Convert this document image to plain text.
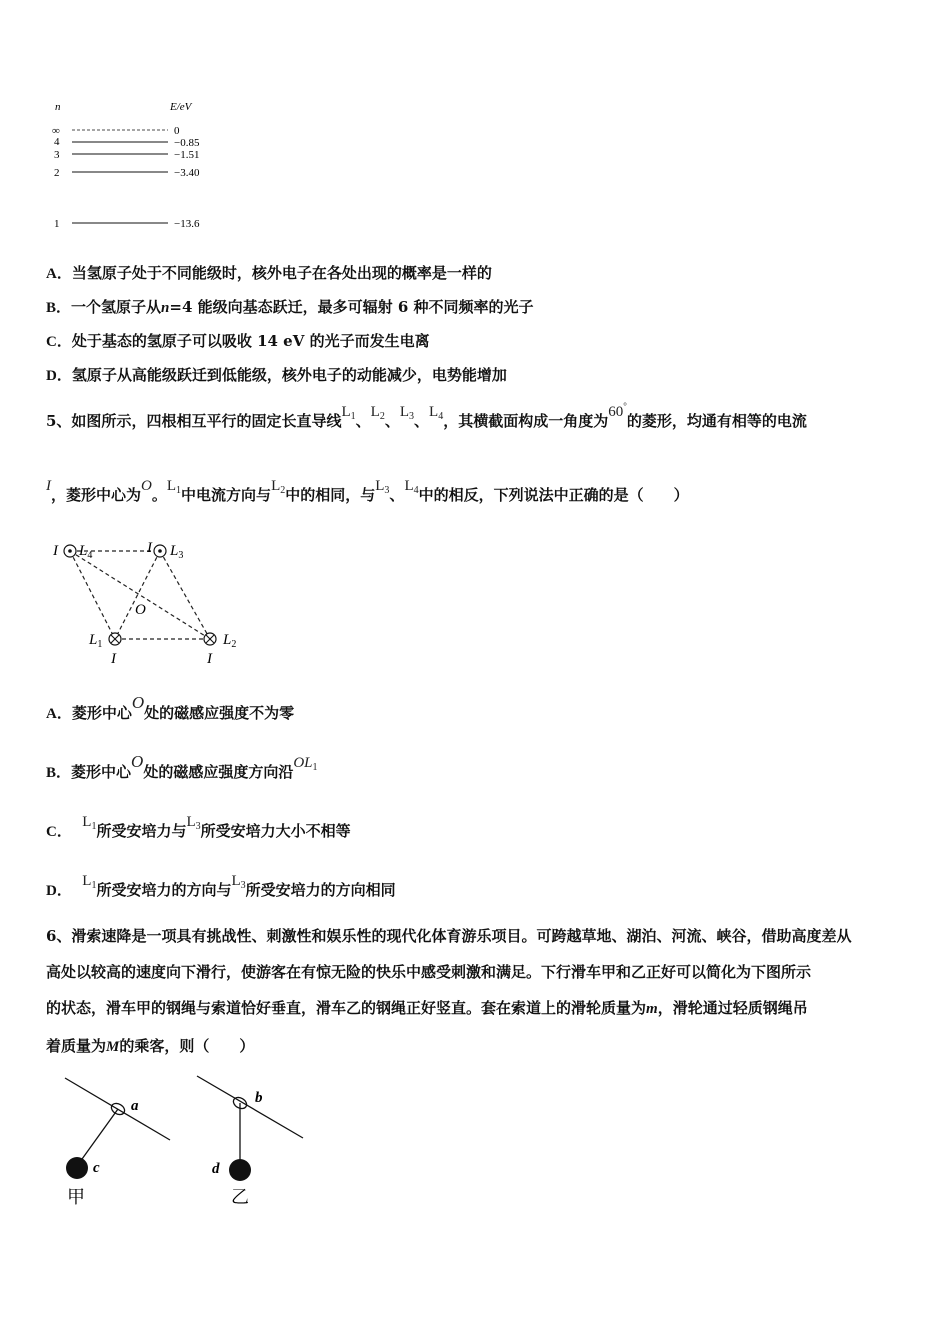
n	E/eV
∞	0
4	−0.85
3	−1.51
2	−3.40
1	−13.6
A．当氢原子处于不同能级时，核外电子在各处出现的概率是一样的
B．一个氢原子从n=4 能级向基态跃迁，最多可辐射 6 种不同频率的光子
C．处于基态的氢原子可以吸收 14 eV 的光子而发生电离
D．氢原子从高能级跃迁到低能级，核外电子的动能减少，电势能增加
5、如图所示，四根相互平行的固定长直导线$L_1$、$L_2$、$L_3$、$L_4$，其横截面构成一角度为60°的菱形，均通有相等的电流
I，菱形中心为O。$L_1$中电流方向与$L_2$中的相同，与$L_3$、$L_4$中的相反，下列说法中正确的是（　　）
I $L_4$	I $L_3$
O
$L_1$
I
$L_2$
I
A．菱形中心O处的磁感应强度不为零
B．菱形中心O处的磁感应强度方向沿$OL_1$
C．  $L_1$所受安培力与$L_3$所受安培力大小不相等
D．  $L_1$所受安培力的方向与$L_3$所受安培力的方向相同
6、滑索速降是一项具有挑战性、刺激性和娱乐性的现代化体育游乐项目。可跨越草地、湖泊、河流、峡谷，借助高度差从
高处以较高的速度向下滑行，使游客在有惊无险的快乐中感受刺激和满足。下行滑车甲和乙正好可以简化为下图所示
的状态，滑车甲的钢绳与索道恰好垂直，滑车乙的钢绳正好竖直。套在索道上的滑轮质量为m，滑轮通过轻质钢绳吊
着质量为M的乘客，则（　　）
a
c
甲
b
d
乙
